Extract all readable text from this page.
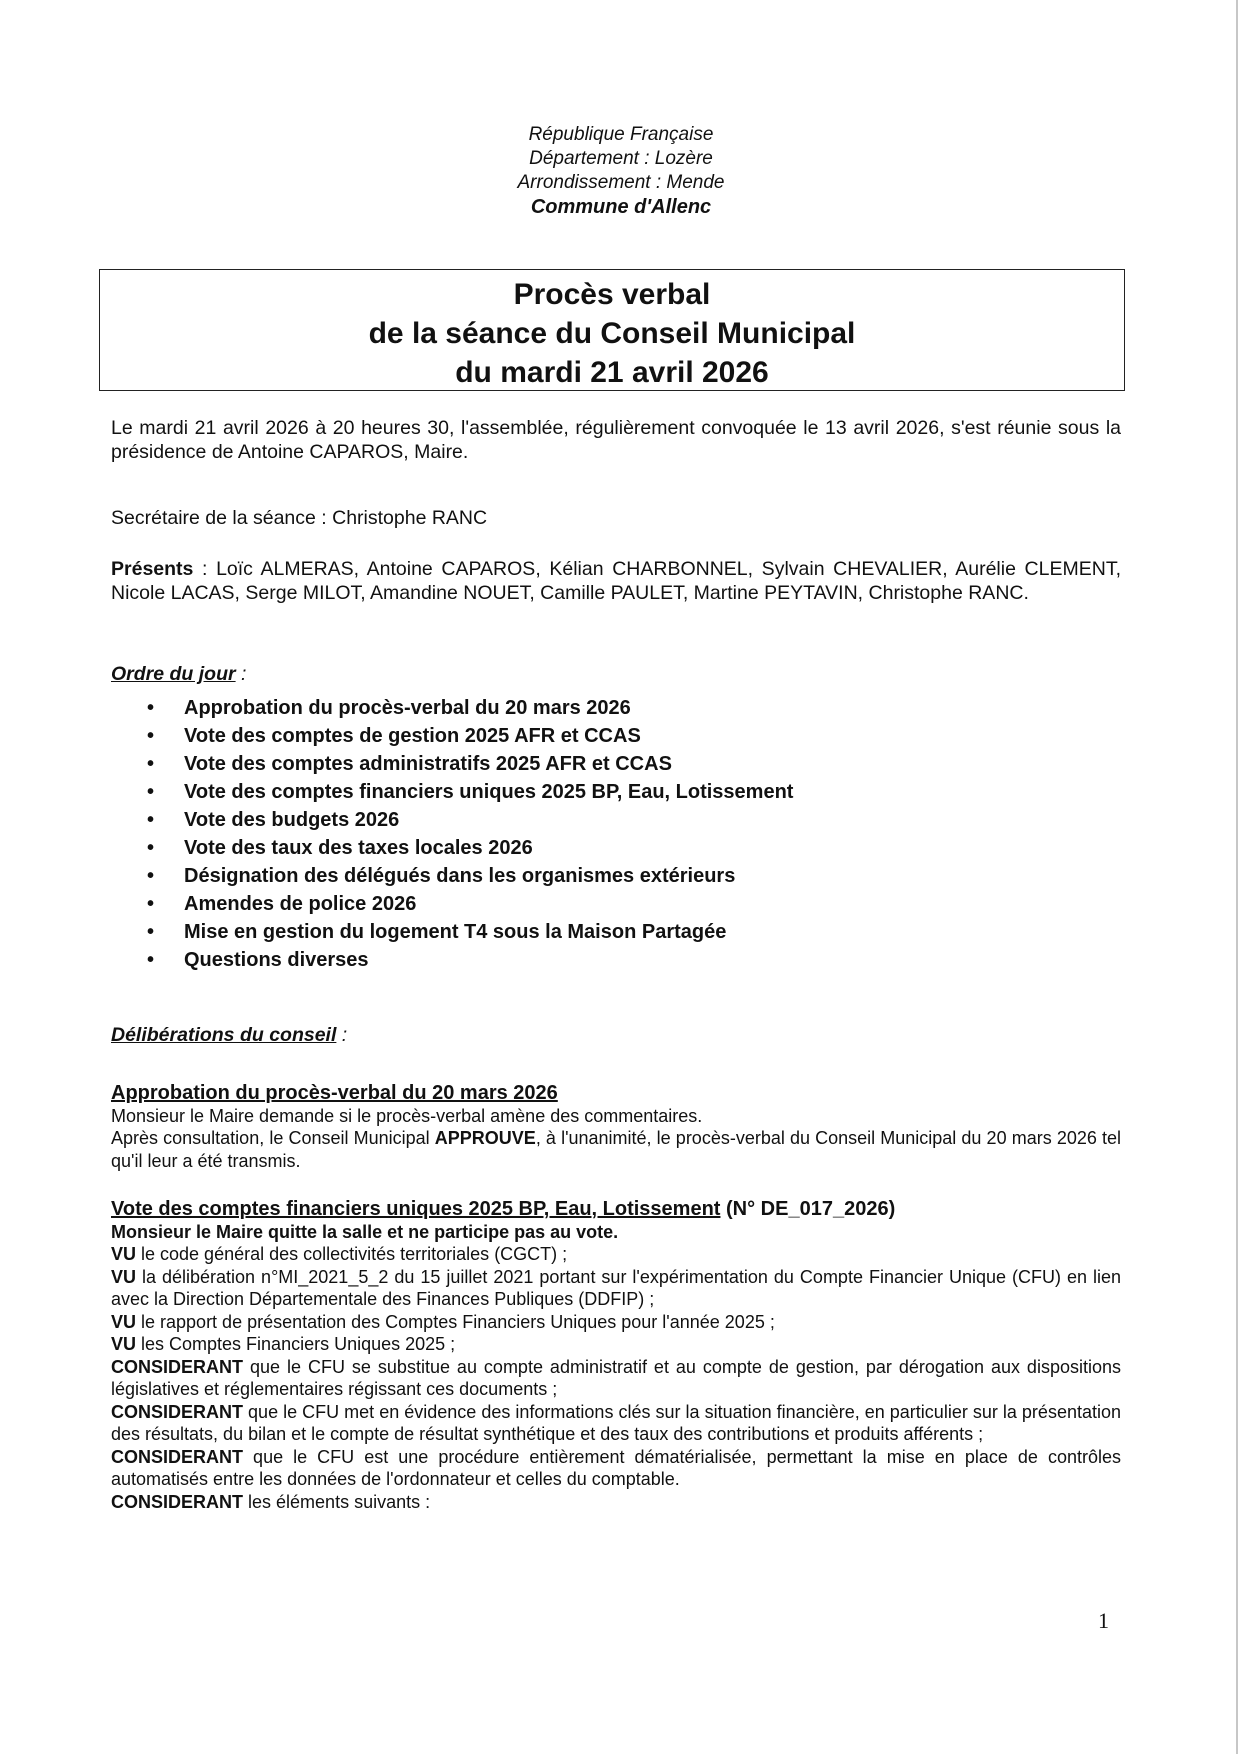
République Française
Département : Lozère
Arrondissement : Mende
Commune d'Allenc
Procès verbal
de la séance du Conseil Municipal
du mardi 21 avril 2026
Le mardi 21 avril 2026 à 20 heures 30, l'assemblée, régulièrement convoquée le 13 avril 2026, s'est réunie sous la présidence de Antoine CAPAROS, Maire.
Secrétaire de la séance : Christophe RANC
Présents : Loïc ALMERAS, Antoine CAPAROS, Kélian CHARBONNEL, Sylvain CHEVALIER, Aurélie CLEMENT, Nicole LACAS, Serge MILOT, Amandine NOUET, Camille PAULET, Martine PEYTAVIN, Christophe RANC.
Ordre du jour :
• Approbation du procès-verbal du 20 mars 2026
• Vote des comptes de gestion 2025 AFR et CCAS
• Vote des comptes administratifs 2025 AFR et CCAS
• Vote des comptes financiers uniques 2025 BP, Eau, Lotissement
• Vote des budgets 2026
• Vote des taux des taxes locales 2026
• Désignation des délégués dans les organismes extérieurs
• Amendes de police 2026
• Mise en gestion du logement T4 sous la Maison Partagée
• Questions diverses
Délibérations du conseil :
Approbation du procès-verbal du 20 mars 2026
Monsieur le Maire demande si le procès-verbal amène des commentaires.
Après consultation, le Conseil Municipal APPROUVE, à l'unanimité, le procès-verbal du Conseil Municipal du 20 mars 2026 tel qu'il leur a été transmis.
Vote des comptes financiers uniques 2025 BP, Eau, Lotissement (N° DE_017_2026)
Monsieur le Maire quitte la salle et ne participe pas au vote.
VU le code général des collectivités territoriales (CGCT) ;
VU la délibération n°MI_2021_5_2 du 15 juillet 2021 portant sur l'expérimentation du Compte Financier Unique (CFU) en lien avec la Direction Départementale des Finances Publiques (DDFIP) ;
VU le rapport de présentation des Comptes Financiers Uniques pour l'année 2025 ;
VU les Comptes Financiers Uniques 2025 ;
CONSIDERANT que le CFU se substitue au compte administratif et au compte de gestion, par dérogation aux dispositions législatives et réglementaires régissant ces documents ;
CONSIDERANT que le CFU met en évidence des informations clés sur la situation financière, en particulier sur la présentation des résultats, du bilan et le compte de résultat synthétique et des taux des contributions et produits afférents ;
CONSIDERANT que le CFU est une procédure entièrement dématérialisée, permettant la mise en place de contrôles automatisés entre les données de l'ordonnateur et celles du comptable.
CONSIDERANT les éléments suivants :
1
